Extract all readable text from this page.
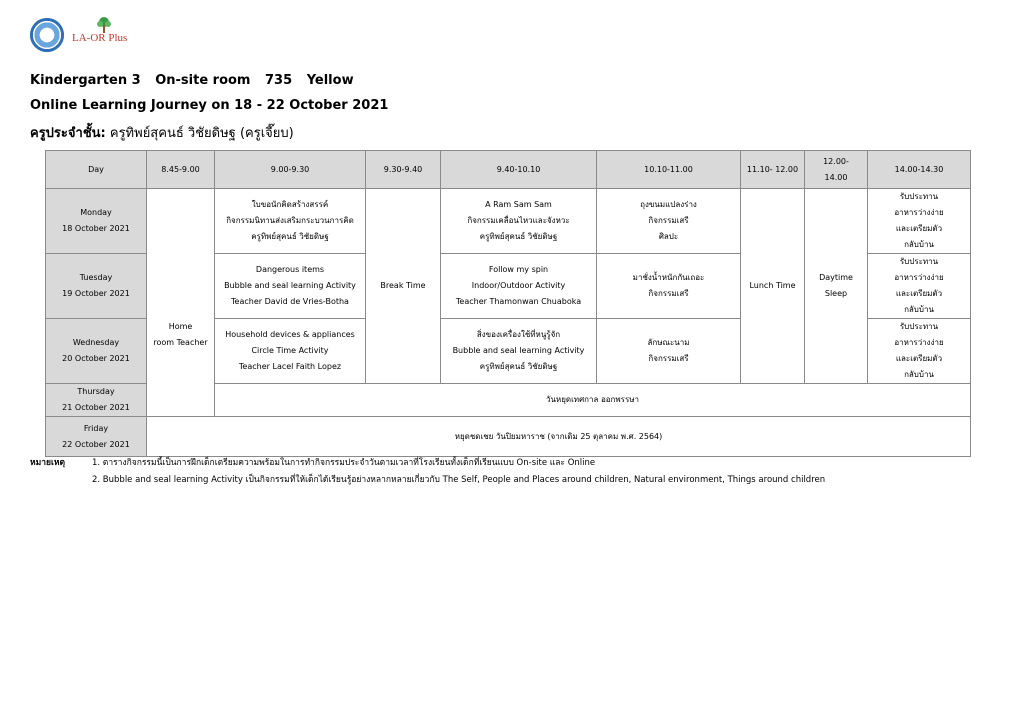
LA-OR Plus
Kindergarten 3 On-site room 735 Yellow
Online Learning Journey on 18 - 22 October 2021
ครูประจำชั้น: ครูทิพย์สุคนธ์ วิชัยดิษฐ (ครูเจี๊ยบ)
Day	8.45-9.00	9.00-9.30	9.30-9.40	9.40-10.10	10.10-11.00	11.10- 12.00	12.00-
14.00	14.00-14.30

Monday
18 October 2021	Home
room Teacher	ใบขอนักคิดสร้างสรรค์
กิจกรรมนิทานส่งเสริมกระบวนการคิด
ครูทิพย์สุคนธ์ วิชัยดิษฐ	Break Time	A Ram Sam Sam
กิจกรรมเคลื่อนไหวและจังหวะ
ครูทิพย์สุคนธ์ วิชัยดิษฐ	ถุงขนมแปลงร่าง
กิจกรรมเสรี
ศิลปะ	Lunch Time	Daytime
Sleep	รับประทาน
อาหารว่างง่าย
และเตรียมตัว
กลับบ้าน

Tuesday
19 October 2021		Dangerous items
Bubble and seal learning Activity
Teacher David de Vries-Botha		Follow my spin
Indoor/Outdoor Activity
Teacher Thamonwan Chuaboka	มาชั่งน้ำหนักกันเถอะ
กิจกรรมเสรี			รับประทาน
อาหารว่างง่าย
และเตรียมตัว
กลับบ้าน

Wednesday
20 October 2021		Household devices & appliances
Circle Time Activity
Teacher Lacel Faith Lopez		สิ่งของเครื่องใช้ที่หนูรู้จัก
Bubble and seal learning Activity
ครูทิพย์สุคนธ์ วิชัยดิษฐ	ลักษณะนาม
กิจกรรมเสรี			รับประทาน
อาหารว่างง่าย
และเตรียมตัว
กลับบ้าน

Thursday
21 October 2021		วันหยุดเทศกาล ออกพรรษา						

Friday
22 October 2021	หยุดชดเชย วันปิยมหาราช (จากเดิม 25 ตุลาคม พ.ศ. 2564)							
หมายเหตุ	1. ตารางกิจกรรมนี้เป็นการฝึกเด็กเตรียมความพร้อมในการทำกิจกรรมประจำวันตามเวลาที่โรงเรียนทั้งเด็กที่เรียนแบบ On-site และ Online
2. Bubble and seal learning Activity เป็นกิจกรรมที่ให้เด็กได้เรียนรู้อย่างหลากหลายเกี่ยวกับ The Self, People and Places around children, Natural environment, Things around children
